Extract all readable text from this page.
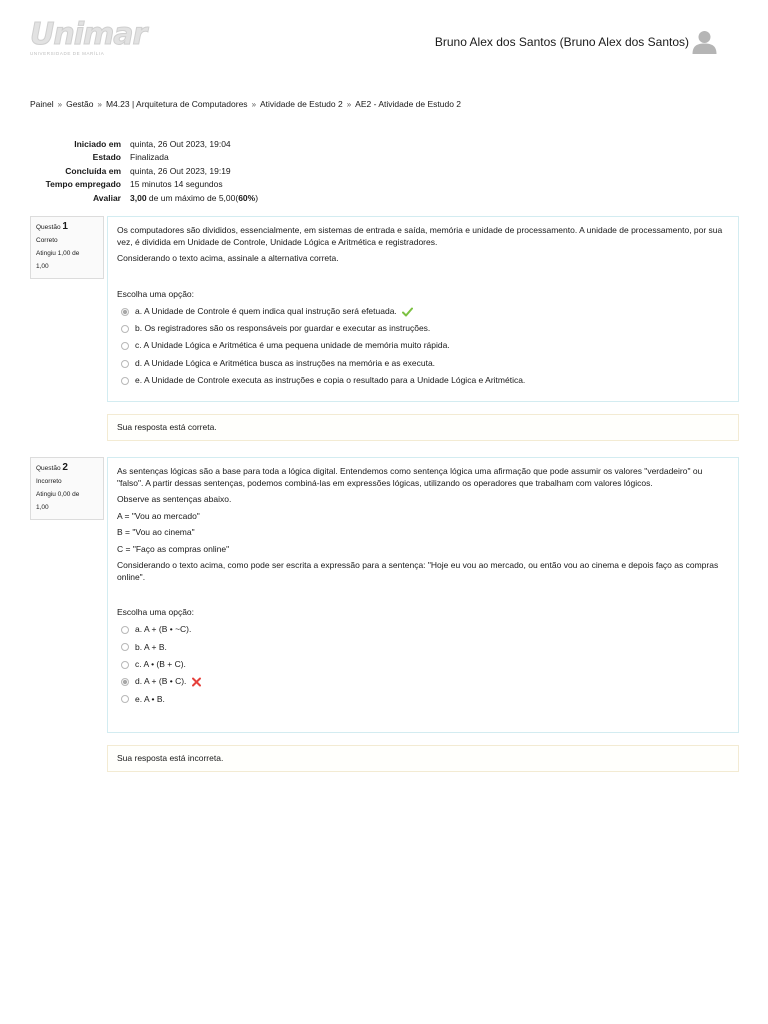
Unimar
UNIVERSIDADE DE MARÍLIA
Bruno Alex dos Santos (Bruno Alex dos Santos)
Painel » Gestão » M4.23 | Arquitetura de Computadores » Atividade de Estudo 2 » AE2 - Atividade de Estudo 2
Iniciado em	quinta, 26 Out 2023, 19:04
Estado	Finalizada
Concluída em	quinta, 26 Out 2023, 19:19
Tempo empregado	15 minutos 14 segundos
Avaliar	3,00 de um máximo de 5,00(60%)
Questão 1
Correto
Atingiu 1,00 de
1,00

Os computadores são divididos, essencialmente, em sistemas de entrada e saída, memória e unidade de processamento. A unidade de processamento, por sua vez, é dividida em Unidade de Controle, Unidade Lógica e Aritmética e registradores.

Considerando o texto acima, assinale a alternativa correta.

Escolha uma opção:
a. A Unidade de Controle é quem indica qual instrução será efetuada.
b. Os registradores são os responsáveis por guardar e executar as instruções.
c. A Unidade Lógica e Aritmética é uma pequena unidade de memória muito rápida.
d. A Unidade Lógica e Aritmética busca as instruções na memória e as executa.
e. A Unidade de Controle executa as instruções e copia o resultado para a Unidade Lógica e Aritmética.
Sua resposta está correta.
Questão 2
Incorreto
Atingiu 0,00 de
1,00

As sentenças lógicas são a base para toda a lógica digital. Entendemos como sentença lógica uma afirmação que pode assumir os valores "verdadeiro" ou "falso". A partir dessas sentenças, podemos combiná-las em expressões lógicas, utilizando os operadores que trabalham com valores lógicos.

Observe as sentenças abaixo.

A = "Vou ao mercado"

B = "Vou ao cinema"

C = "Faço as compras online"

Considerando o texto acima, como pode ser escrita a expressão para a sentença: "Hoje eu vou ao mercado, ou então vou ao cinema e depois faço as compras online".

Escolha uma opção:
a. A + (B • ~C).
b. A + B.
c. A • (B + C).
d. A + (B • C).
e. A • B.
Sua resposta está incorreta.
